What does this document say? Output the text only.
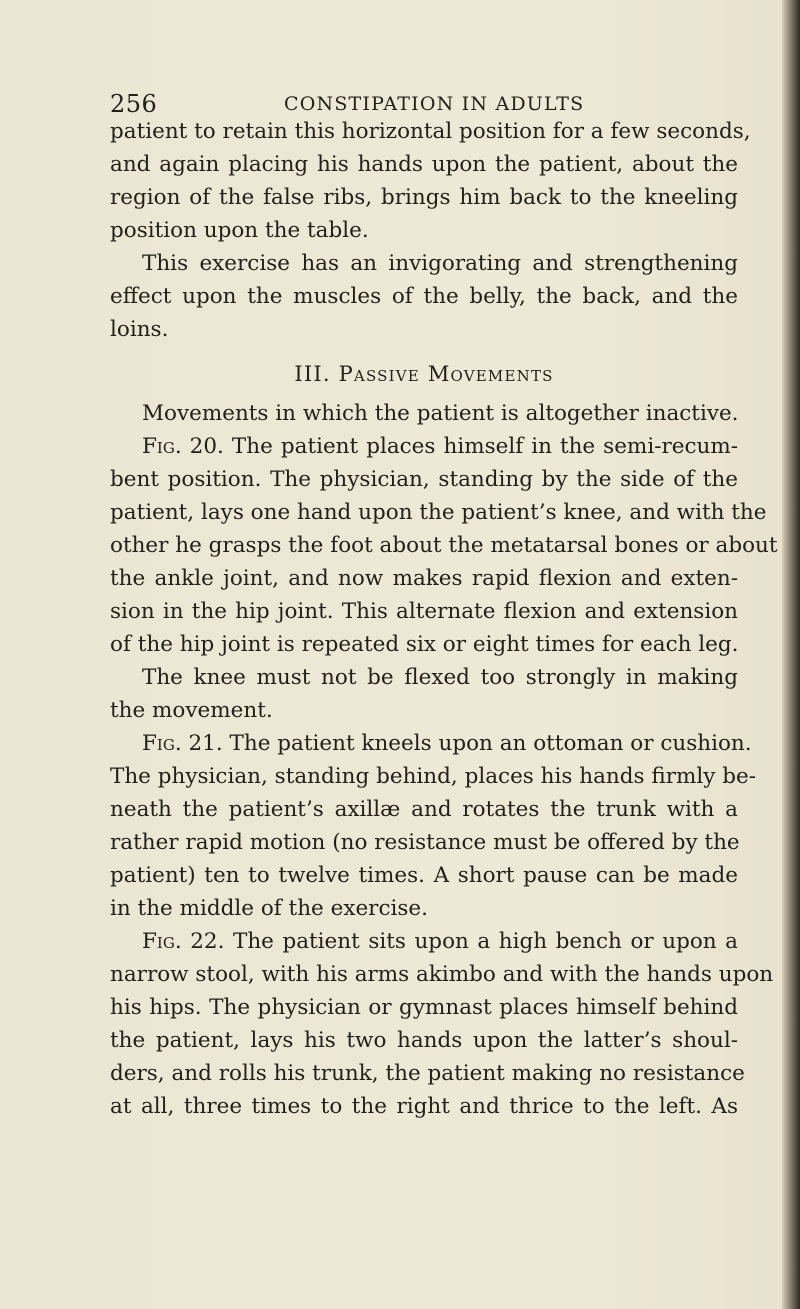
256	CONSTIPATION IN ADULTS
patient to retain this horizontal position for a few seconds,
and again placing his hands upon the patient, about the
region of the false ribs, brings him back to the kneeling
position upon the table.
This exercise has an invigorating and strengthening
effect upon the muscles of the belly, the back, and the
loins.
III. Passive Movements
Movements in which the patient is altogether inactive.
Fig. 20. The patient places himself in the semi-recum-
bent position. The physician, standing by the side of the
patient, lays one hand upon the patient’s knee, and with the
other he grasps the foot about the metatarsal bones or about
the ankle joint, and now makes rapid flexion and exten-
sion in the hip joint. This alternate flexion and extension
of the hip joint is repeated six or eight times for each leg.
The knee must not be flexed too strongly in making
the movement.
Fig. 21. The patient kneels upon an ottoman or cushion.
The physician, standing behind, places his hands firmly be-
neath the patient’s axillæ and rotates the trunk with a
rather rapid motion (no resistance must be offered by the
patient) ten to twelve times. A short pause can be made
in the middle of the exercise.
Fig. 22. The patient sits upon a high bench or upon a
narrow stool, with his arms akimbo and with the hands upon
his hips. The physician or gymnast places himself behind
the patient, lays his two hands upon the latter’s shoul-
ders, and rolls his trunk, the patient making no resistance
at all, three times to the right and thrice to the left. As
